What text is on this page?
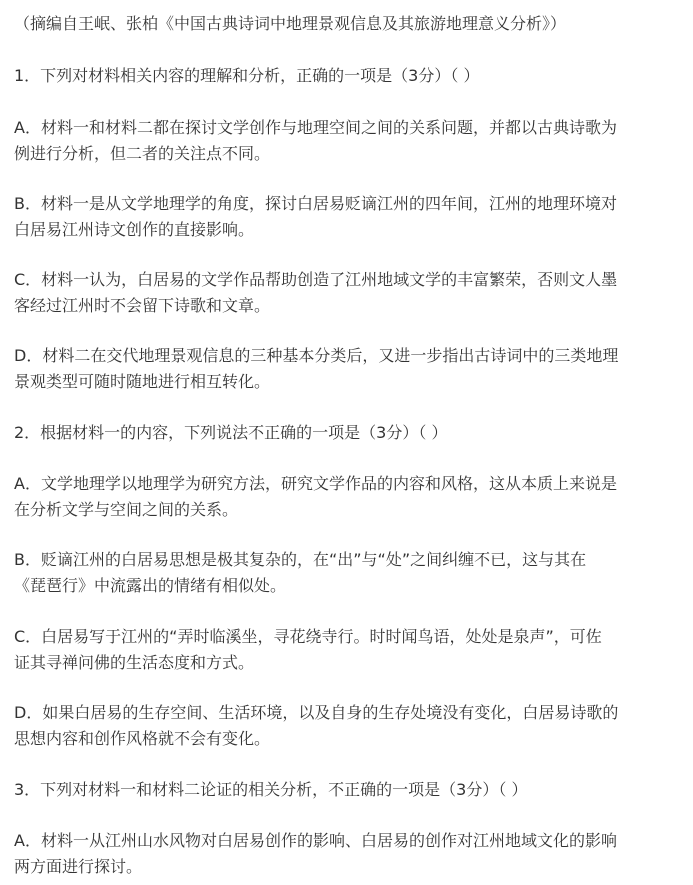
（摘编自王岷、张柏《中国古典诗词中地理景观信息及其旅游地理意义分析》）
1．下列对材料相关内容的理解和分析，正确的一项是（3分）（ ）
A．材料一和材料二都在探讨文学创作与地理空间之间的关系问题，并都以古典诗歌为
例进行分析，但二者的关注点不同。
B．材料一是从文学地理学的角度，探讨白居易贬谪江州的四年间，江州的地理环境对
白居易江州诗文创作的直接影响。
C．材料一认为，白居易的文学作品帮助创造了江州地域文学的丰富繁荣，否则文人墨
客经过江州时不会留下诗歌和文章。
D．材料二在交代地理景观信息的三种基本分类后，又进一步指出古诗词中的三类地理
景观类型可随时随地进行相互转化。
2．根据材料一的内容，下列说法不正确的一项是（3分）（ ）
A．文学地理学以地理学为研究方法，研究文学作品的内容和风格，这从本质上来说是
在分析文学与空间之间的关系。
B．贬谪江州的白居易思想是极其复杂的，在“出”与“处”之间纠缠不已，这与其在
《琵琶行》中流露出的情绪有相似处。
C．白居易写于江州的“弄时临溪坐，寻花绕寺行。时时闻鸟语，处处是泉声”，可佐
证其寻禅问佛的生活态度和方式。
D．如果白居易的生存空间、生活环境，以及自身的生存处境没有变化，白居易诗歌的
思想内容和创作风格就不会有变化。
3．下列对材料一和材料二论证的相关分析，不正确的一项是（3分）（ ）
A．材料一从江州山水风物对白居易创作的影响、白居易的创作对江州地域文化的影响
两方面进行探讨。
